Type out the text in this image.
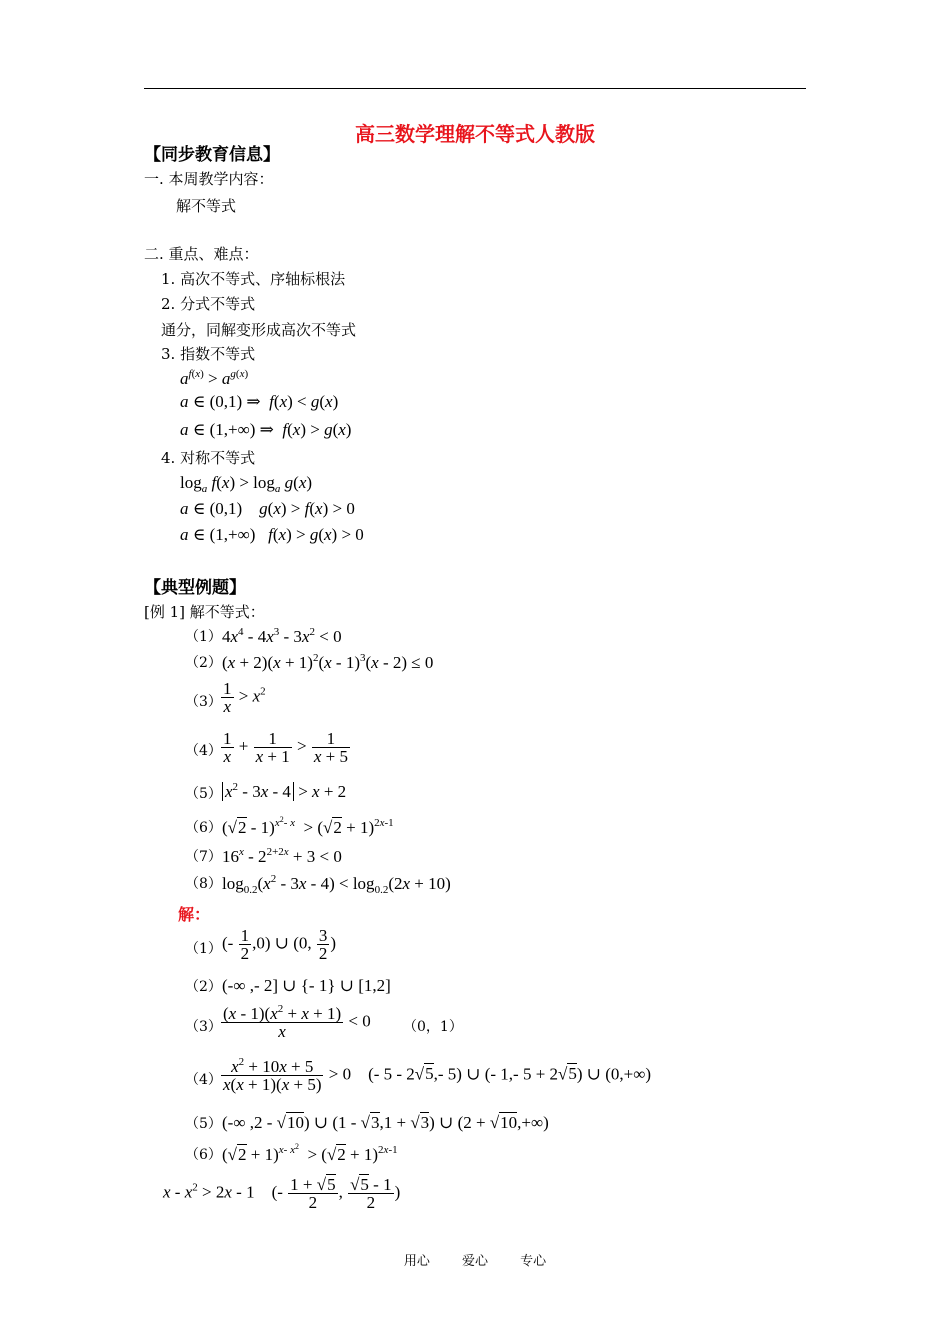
高三数学理解不等式人教版
【同步教育信息】
一. 本周教学内容：
解不等式
二. 重点、难点：
1. 高次不等式、序轴标根法
2. 分式不等式
通分，同解变形成高次不等式
3. 指数不等式
$a^{f(x)} > a^{g(x)}$
a ∈ (0,1) ⇒  f(x) < g(x)
a ∈ (1,+∞) ⇒  f(x) > g(x)
4. 对称不等式
$\log_a f(x) > \log_a g(x)$
a ∈ (0,1)    g(x) > f(x) > 0
a ∈ (1,+∞)   f(x) > g(x) > 0
【典型例题】
[例 1] 解不等式：
（1） $4x^4 - 4x^3 - 3x^2 < 0$
（2） $(x + 2)(x + 1)^2(x - 1)^3(x - 2) \le 0$
$(3) \frac{1}{x} > x^2$
$(4) \frac{1}{x} + \frac{1}{x + 1} > \frac{1}{x + 5}$
（5） $x^2 - 3x - 4 > x + 2$
（6） $(√2 - 1)^{x^2- x} > (√2 + 1)^{2x-1}$
（7） $16^x - 2^{2+2x} + 3 < 0$
（8） $\log_{0.2}(x^2 - 3x - 4) < \log_{0.2}(2x + 10)$
解：
（1） (- $\frac{1}{2} ,0$) ∪ (0, $\frac{3}{2}$ )
（2） (-∞ ,- 2] ∪ {- 1} ∪ [1,2]
$(3) \frac{(x - 1)(x^2 + x + 1)}{x} < 0$ （0，1）
$(4) \frac{x^2 + 10x + 5}{x(x + 1)(x + 5)} > 0$    (- 5 - 2√5,- 5) ∪ (- 1,- 5 + 2√5) ∪ (0,+∞)
（5） (-∞ ,2 - √10) ∪ (1 - √3,1 + √3) ∪ (2 + √10,+∞)
（6） $(√2 + 1)^{x- x^2} > (√2 + 1)^{2x-1}$
$x - x^2 > 2x - 1$    (- $\frac{1 + √5}{2}$ , $\frac{√5 - 1}{2}$ )
用心 爱心 专心
